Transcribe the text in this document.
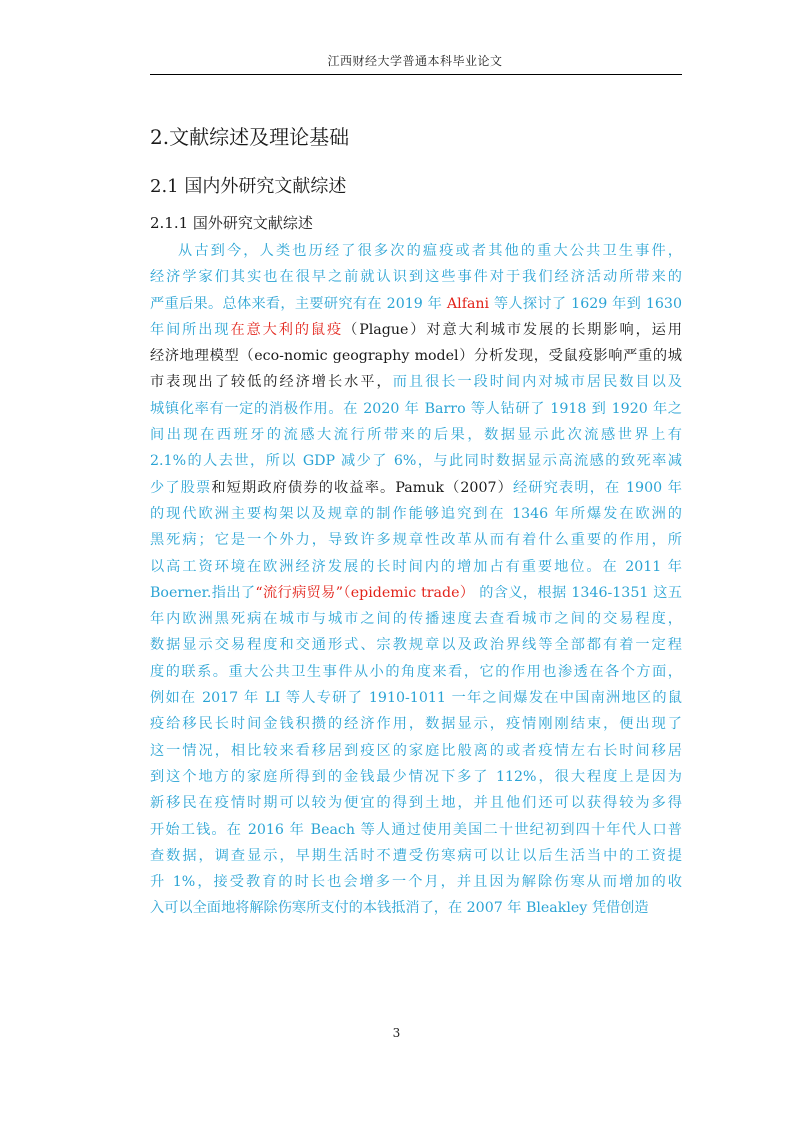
江西财经大学普通本科毕业论文
2.文献综述及理论基础
2.1 国内外研究文献综述
2.1.1 国外研究文献综述
从古到今，人类也历经了很多次的瘟疫或者其他的重大公共卫生事件，
经济学家们其实也在很早之前就认识到这些事件对于我们经济活动所带来的
严重后果。总体来看，主要研究有在 2019 年 Alfani 等人探讨了 1629 年到 1630
年间所出现在意大利的鼠疫（Plague）对意大利城市发展的长期影响，运用
经济地理模型（eco-nomic geography model）分析发现，受鼠疫影响严重的城
市表现出了较低的经济增长水平，而且很长一段时间内对城市居民数目以及
城镇化率有一定的消极作用。在 2020 年 Barro 等人钻研了 1918 到 1920 年之
间出现在西班牙的流感大流行所带来的后果，数据显示此次流感世界上有
2.1%的人去世，所以 GDP 减少了 6%，与此同时数据显示高流感的致死率减
少了股票和短期政府债券的收益率。Pamuk（2007）经研究表明，在 1900 年
的现代欧洲主要构架以及规章的制作能够追究到在 1346 年所爆发在欧洲的
黑死病；它是一个外力，导致许多规章性改革从而有着什么重要的作用，所
以高工资环境在欧洲经济发展的长时间内的增加占有重要地位。在 2011 年
Boerner.指出了“流行病贸易”（epidemic trade） 的含义，根据 1346-1351 这五
年内欧洲黑死病在城市与城市之间的传播速度去查看城市之间的交易程度，
数据显示交易程度和交通形式、宗教规章以及政治界线等全部都有着一定程
度的联系。重大公共卫生事件从小的角度来看，它的作用也渗透在各个方面，
例如在 2017 年 LI 等人专研了 1910-1011 一年之间爆发在中国南洲地区的鼠
疫给移民长时间金钱积攒的经济作用，数据显示，疫情刚刚结束，便出现了
这一情况，相比较来看移居到疫区的家庭比般离的或者疫情左右长时间移居
到这个地方的家庭所得到的金钱最少情况下多了 112%，很大程度上是因为
新移民在疫情时期可以较为便宜的得到土地，并且他们还可以获得较为多得
开始工钱。在 2016 年 Beach 等人通过使用美国二十世纪初到四十年代人口普
查数据，调查显示，早期生活时不遭受伤寒病可以让以后生活当中的工资提
升 1%，接受教育的时长也会增多一个月，并且因为解除伤寒从而增加的收
入可以全面地将解除伤寒所支付的本钱抵消了，在 2007 年 Bleakley 凭借创造
3
